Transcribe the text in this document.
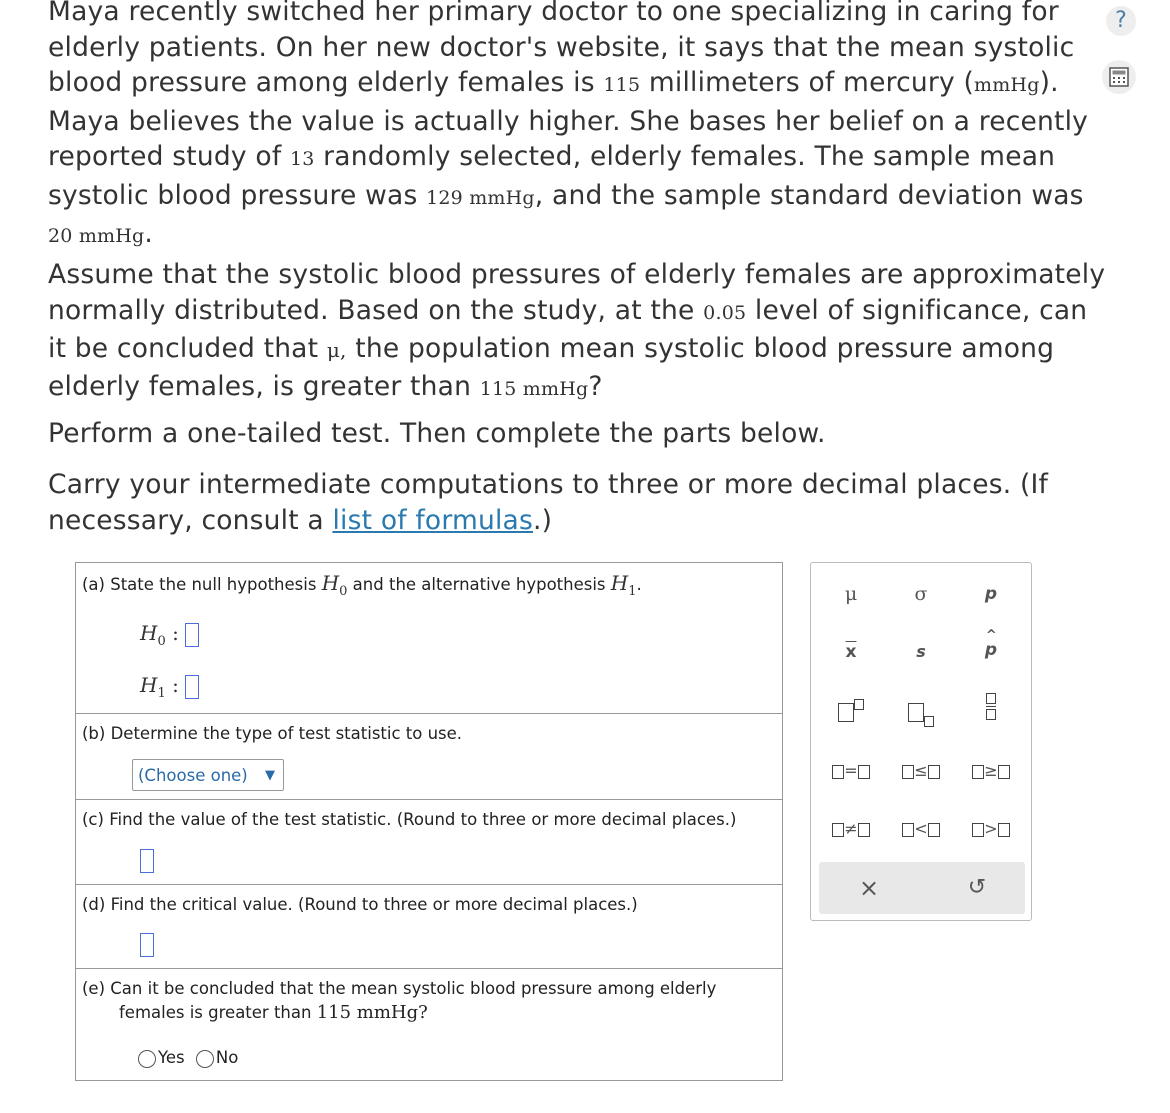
Maya recently switched her primary doctor to one specializing in caring for elderly patients. On her new doctor's website, it says that the mean systolic blood pressure among elderly females is 115 millimeters of mercury (mmHg). Maya believes the value is actually higher. She bases her belief on a recently reported study of 13 randomly selected, elderly females. The sample mean systolic blood pressure was 129 mmHg, and the sample standard deviation was 20 mmHg.

Assume that the systolic blood pressures of elderly females are approximately normally distributed. Based on the study, at the 0.05 level of significance, can it be concluded that μ, the population mean systolic blood pressure among elderly females, is greater than 115 mmHg?

Perform a one-tailed test. Then complete the parts below.

Carry your intermediate computations to three or more decimal places. (If necessary, consult a list of formulas.)

?
(a) State the null hypothesis $H_0$ and the alternative hypothesis $H_1$.
$H_0$ :
$H_1$ :
(b) Determine the type of test statistic to use.
(Choose one) ▼
(c) Find the value of the test statistic. (Round to three or more decimal places.)
(d) Find the critical value. (Round to three or more decimal places.)
(e) Can it be concluded that the mean systolic blood pressure among elderly
females is greater than 115 mmHg?
Yes No
μ	σ	p
$\overline{x}$	s
^
p
=	≤	≥
≠	<	>
×	↺
